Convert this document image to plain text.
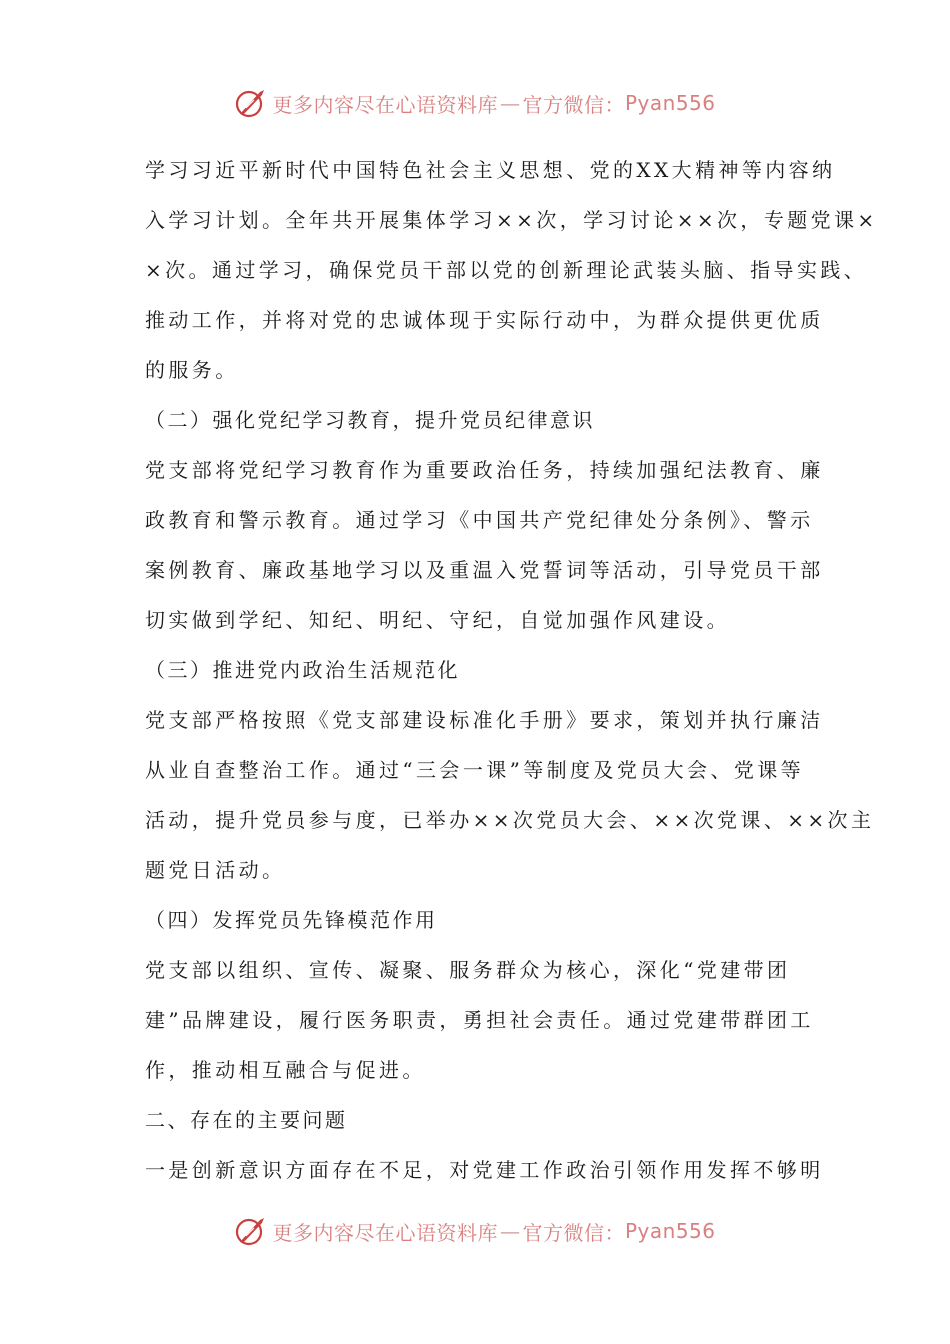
更多内容尽在心语资料库 — 官方微信： Pyan556
学习习近平新时代中国特色社会主义思想、党的XX大精神等内容纳
入学习计划。全年共开展集体学习××次，学习讨论××次，专题党课×
×次。通过学习，确保党员干部以党的创新理论武装头脑、指导实践、
推动工作，并将对党的忠诚体现于实际行动中，为群众提供更优质
的服务。
（二）强化党纪学习教育，提升党员纪律意识
党支部将党纪学习教育作为重要政治任务，持续加强纪法教育、廉
政教育和警示教育。通过学习《中国共产党纪律处分条例》、警示
案例教育、廉政基地学习以及重温入党誓词等活动，引导党员干部
切实做到学纪、知纪、明纪、守纪，自觉加强作风建设。
（三）推进党内政治生活规范化
党支部严格按照《党支部建设标准化手册》要求，策划并执行廉洁
从业自查整治工作。通过“三会一课”等制度及党员大会、党课等
活动，提升党员参与度，已举办××次党员大会、××次党课、××次主
题党日活动。
（四）发挥党员先锋模范作用
党支部以组织、宣传、凝聚、服务群众为核心，深化“党建带团
建”品牌建设，履行医务职责，勇担社会责任。通过党建带群团工
作，推动相互融合与促进。
二、存在的主要问题
一是创新意识方面存在不足，对党建工作政治引领作用发挥不够明
更多内容尽在心语资料库 — 官方微信： Pyan556
